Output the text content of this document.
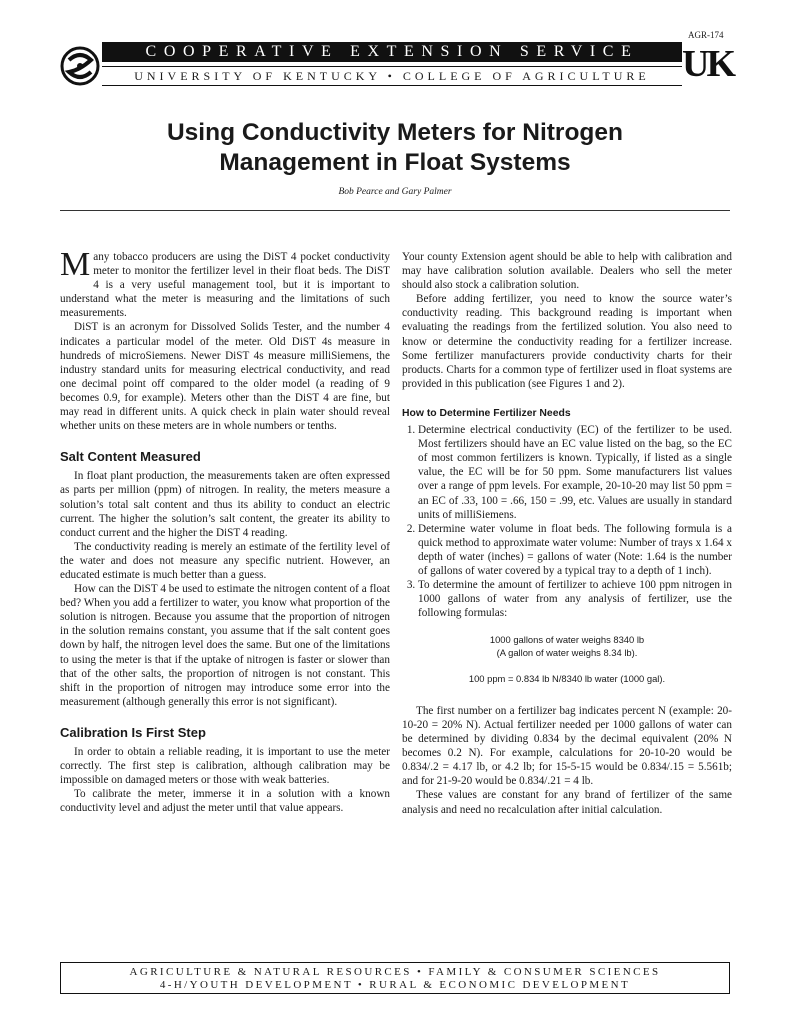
AGR-174
COOPERATIVE EXTENSION SERVICE
UNIVERSITY OF KENTUCKY • COLLEGE OF AGRICULTURE UK
Using Conductivity Meters for Nitrogen
Management in Float Systems
Bob Pearce and Gary Palmer

Many tobacco producers are using the DiST 4 pocket conductivity meter to monitor the fertilizer level in their float beds. The DiST 4 is a very useful management tool, but it is important to understand what the meter is measuring and the limitations of such measurements.

DiST is an acronym for Dissolved Solids Tester, and the number 4 indicates a particular model of the meter. Old DiST 4s measure in hundreds of microSiemens. Newer DiST 4s measure milliSiemens, the industry standard units for measuring electrical conductivity, and read one decimal point off compared to the older model (a reading of 9 becomes 0.9, for example). Meters other than the DiST 4 are fine, but may read in different units. A quick check in plain water should reveal whether units on these meters are in whole numbers or tenths.

Salt Content Measured

In float plant production, the measurements taken are often expressed as parts per million (ppm) of nitrogen. In reality, the meters measure a solution’s total salt content and thus its ability to conduct an electric current. The higher the solution’s salt content, the greater its ability to conduct current and the higher the DiST 4 reading.

The conductivity reading is merely an estimate of the fertility level of the water and does not measure any specific nutrient. However, an educated estimate is much better than a guess.

How can the DiST 4 be used to estimate the nitrogen content of a float bed? When you add a fertilizer to water, you know what proportion of the solution is nitrogen. Because you assume that the proportion of nitrogen in the solution remains constant, you assume that if the salt content goes down by half, the nitrogen level does the same. But one of the limitations to using the meter is that if the uptake of nitrogen is faster or slower than that of the other salts, the proportion of nitrogen is not constant. This shift in the proportion of nitrogen may introduce some error into the measurement (although generally this error is not significant).

Calibration Is First Step

In order to obtain a reliable reading, it is important to use the meter correctly. The first step is calibration, although calibration may be impossible on damaged meters or those with weak batteries.

To calibrate the meter, immerse it in a solution with a known conductivity level and adjust the meter until that value appears.

Your county Extension agent should be able to help with calibration and may have calibration solution available. Dealers who sell the meter should also stock a calibration solution.

Before adding fertilizer, you need to know the source water’s conductivity reading. This background reading is important when evaluating the readings from the fertilized solution. You also need to know or determine the conductivity reading for a fertilizer increase. Some fertilizer manufacturers provide conductivity charts for their products. Charts for a common type of fertilizer used in float systems are provided in this publication (see Figures 1 and 2).

How to Determine Fertilizer Needs
1. Determine electrical conductivity (EC) of the fertilizer to be used. Most fertilizers should have an EC value listed on the bag, so the EC of most common fertilizers is known. Typically, if listed as a single value, the EC will be for 50 ppm. Some manufacturers list values over a range of ppm levels. For example, 20-10-20 may list 50 ppm = an EC of .33, 100 = .66, 150 = .99, etc. Values are usually in standard units of milliSiemens.
2. Determine water volume in float beds. The following formula is a quick method to approximate water volume: Number of trays x 1.64 x depth of water (inches) = gallons of water (Note: 1.64 is the number of gallons of water covered by a typical tray to a depth of 1 inch).
3. To determine the amount of fertilizer to achieve 100 ppm nitrogen in 1000 gallons of water from any analysis of fertilizer, use the following formulas:
1000 gallons of water weighs 8340 lb
(A gallon of water weighs 8.34 lb).
100 ppm = 0.834 lb N/8340 lb water (1000 gal).

The first number on a fertilizer bag indicates percent N (example: 20-10-20 = 20% N). Actual fertilizer needed per 1000 gallons of water can be determined by dividing 0.834 by the decimal equivalent (20% N becomes 0.2 N). For example, calculations for 20-10-20 would be 0.834/.2 = 4.17 lb, or 4.2 lb; for 15-5-15 would be 0.834/.15 = 5.561b; and for 21-9-20 would be 0.834/.21 = 4 lb.

These values are constant for any brand of fertilizer of the same analysis and need no recalculation after initial calculation.

AGRICULTURE & NATURAL RESOURCES • FAMILY & CONSUMER SCIENCES
4-H/YOUTH DEVELOPMENT • RURAL & ECONOMIC DEVELOPMENT
